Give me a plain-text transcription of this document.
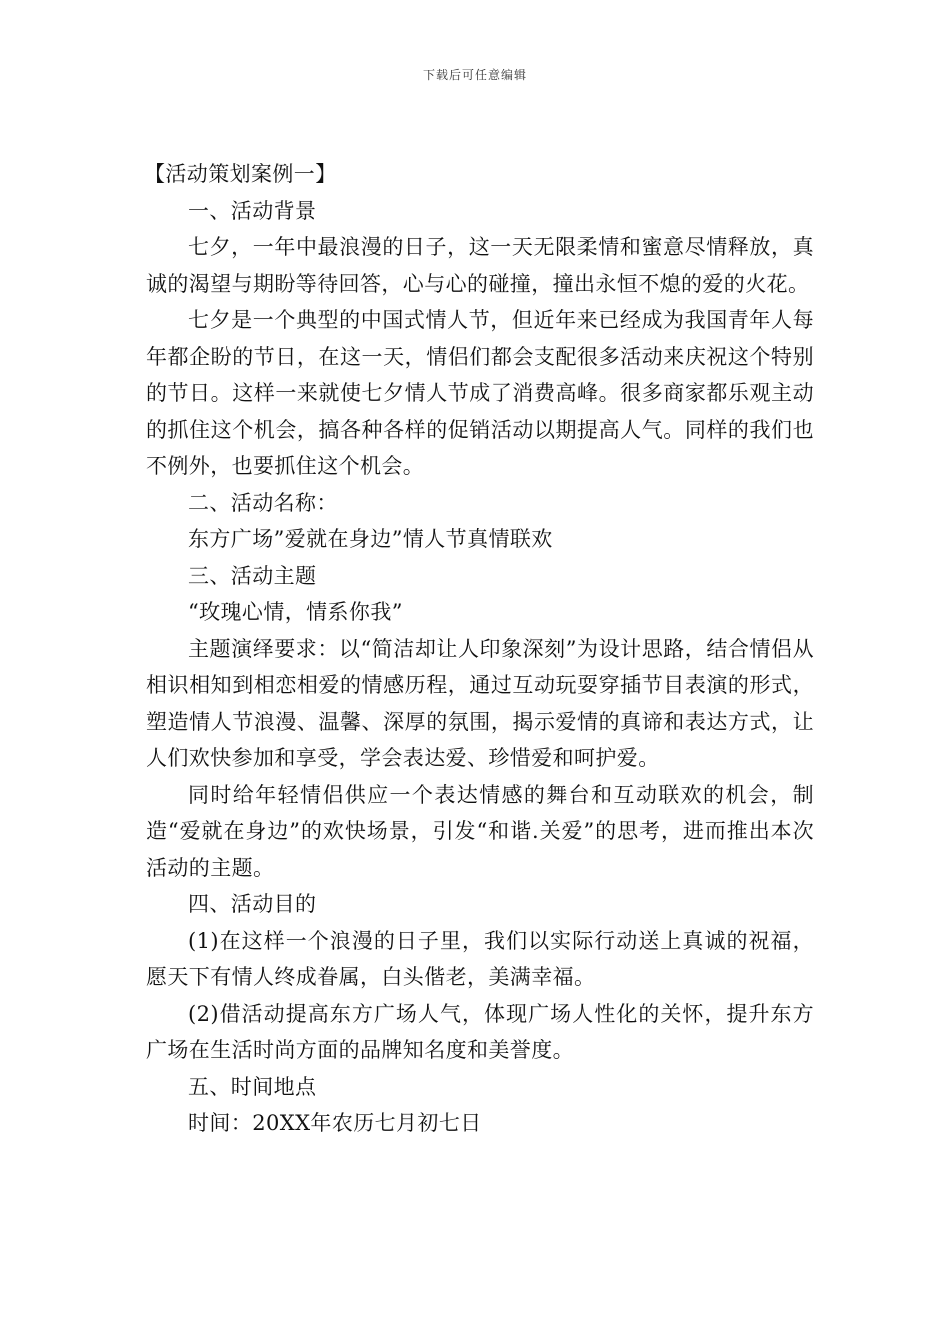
下载后可任意编辑

【活动策划案例一】

一、活动背景

七夕，一年中最浪漫的日子，这一天无限柔情和蜜意尽情释放，真诚的渴望与期盼等待回答，心与心的碰撞，撞出永恒不熄的爱的火花。

七夕是一个典型的中国式情人节，但近年来已经成为我国青年人每年都企盼的节日，在这一天，情侣们都会支配很多活动来庆祝这个特别的节日。这样一来就使七夕情人节成了消费高峰。很多商家都乐观主动的抓住这个机会，搞各种各样的促销活动以期提高人气。同样的我们也不例外，也要抓住这个机会。

二、活动名称：

东方广场”爱就在身边”情人节真情联欢

三、活动主题

“玫瑰心情，情系你我”

主题演绎要求：以“简洁却让人印象深刻”为设计思路，结合情侣从相识相知到相恋相爱的情感历程，通过互动玩耍穿插节目表演的形式，塑造情人节浪漫、温馨、深厚的氛围，揭示爱情的真谛和表达方式，让人们欢快参加和享受，学会表达爱、珍惜爱和呵护爱。

同时给年轻情侣供应一个表达情感的舞台和互动联欢的机会，制造“爱就在身边”的欢快场景，引发“和谐.关爱”的思考，进而推出本次活动的主题。

四、活动目的

(1)在这样一个浪漫的日子里，我们以实际行动送上真诚的祝福，愿天下有情人终成眷属，白头偕老，美满幸福。

(2)借活动提高东方广场人气，体现广场人性化的关怀，提升东方广场在生活时尚方面的品牌知名度和美誉度。

五、时间地点

时间：20XX年农历七月初七日
